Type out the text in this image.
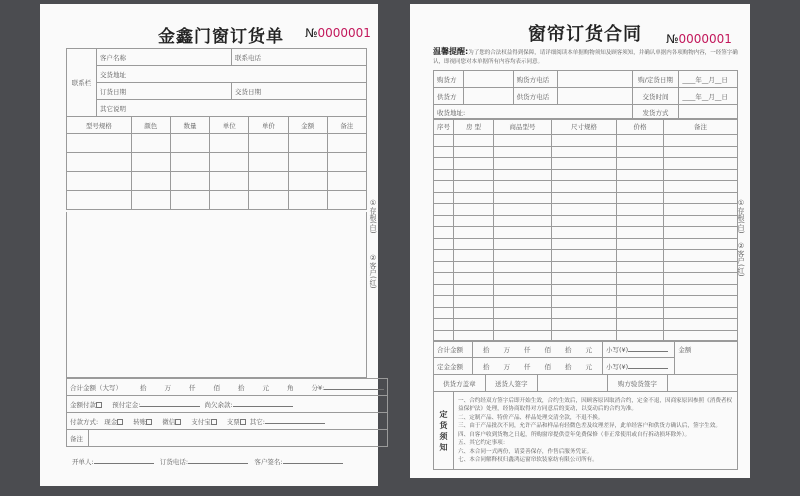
金鑫门窗订货单 №0000001
联系栏	客户名称	联系电话
	交货地址	
	订货日期	交货日期
	其它说明	
型号规格	颜色	数量	单位	单价	金额	备注

合计金额（大写）	拾	万	仟	佰	拾	元	角	分¥:
金额付款 预付定金:	尚欠余款:
付款方式: 现金 转账 微信 支付宝 支票 其它:
备注	
开单人:	订货电话:	客户签名:
①存根(白)
②客户(红)
窗帘订货合同 №0000001
温馨提醒:为了您的合法权益得到保障，请详细阅读本单据购物须知及顾客须知，并确认单据内各项购物内容，一经签字确认，即视同您对本单据所有内容均表示同意。
购货方		购货方电话		购/定货日期	____年__月__日
供货方		供货方电话		交货时间	____年__月__日
收货地址:				发货方式	
序号	房 型	商品型号	尺寸规格	价格	备注

合计金额	拾 万 仟 佰 拾 元	小写(¥)	金额
定金金额	拾 万 仟 佰 拾 元	小写(¥)	
供货方盖章	送货人签字		购方验货签字	
定货须知	
一、合约经双方签字后即开始生效，合约生效后，因顾客原因取消合约，定金不退，因商家原因参照《消费者权益保护法》处理，经协商取得对方同意后的变动，以变动后的合约为准。
二、定制产品、特价产品、样品处理交清全款，不退不换。
三、由于产品批次不同，允许产品和样品有轻微色差及纹理差异，此单经客户和供货方确认后，签字生效。
四、自客户收到货物之日起，所购窗帘提供壹年免费保修（非正常使用或自行拆动损坏除外）。
五、其它约定事项：
六、本合同一式两份，请妥善保存，作售后服务凭证。
七、本合同解释权归鑫鸿运窗帘软装家纺有限公司所有。
①存根(白)
②客户(红)
